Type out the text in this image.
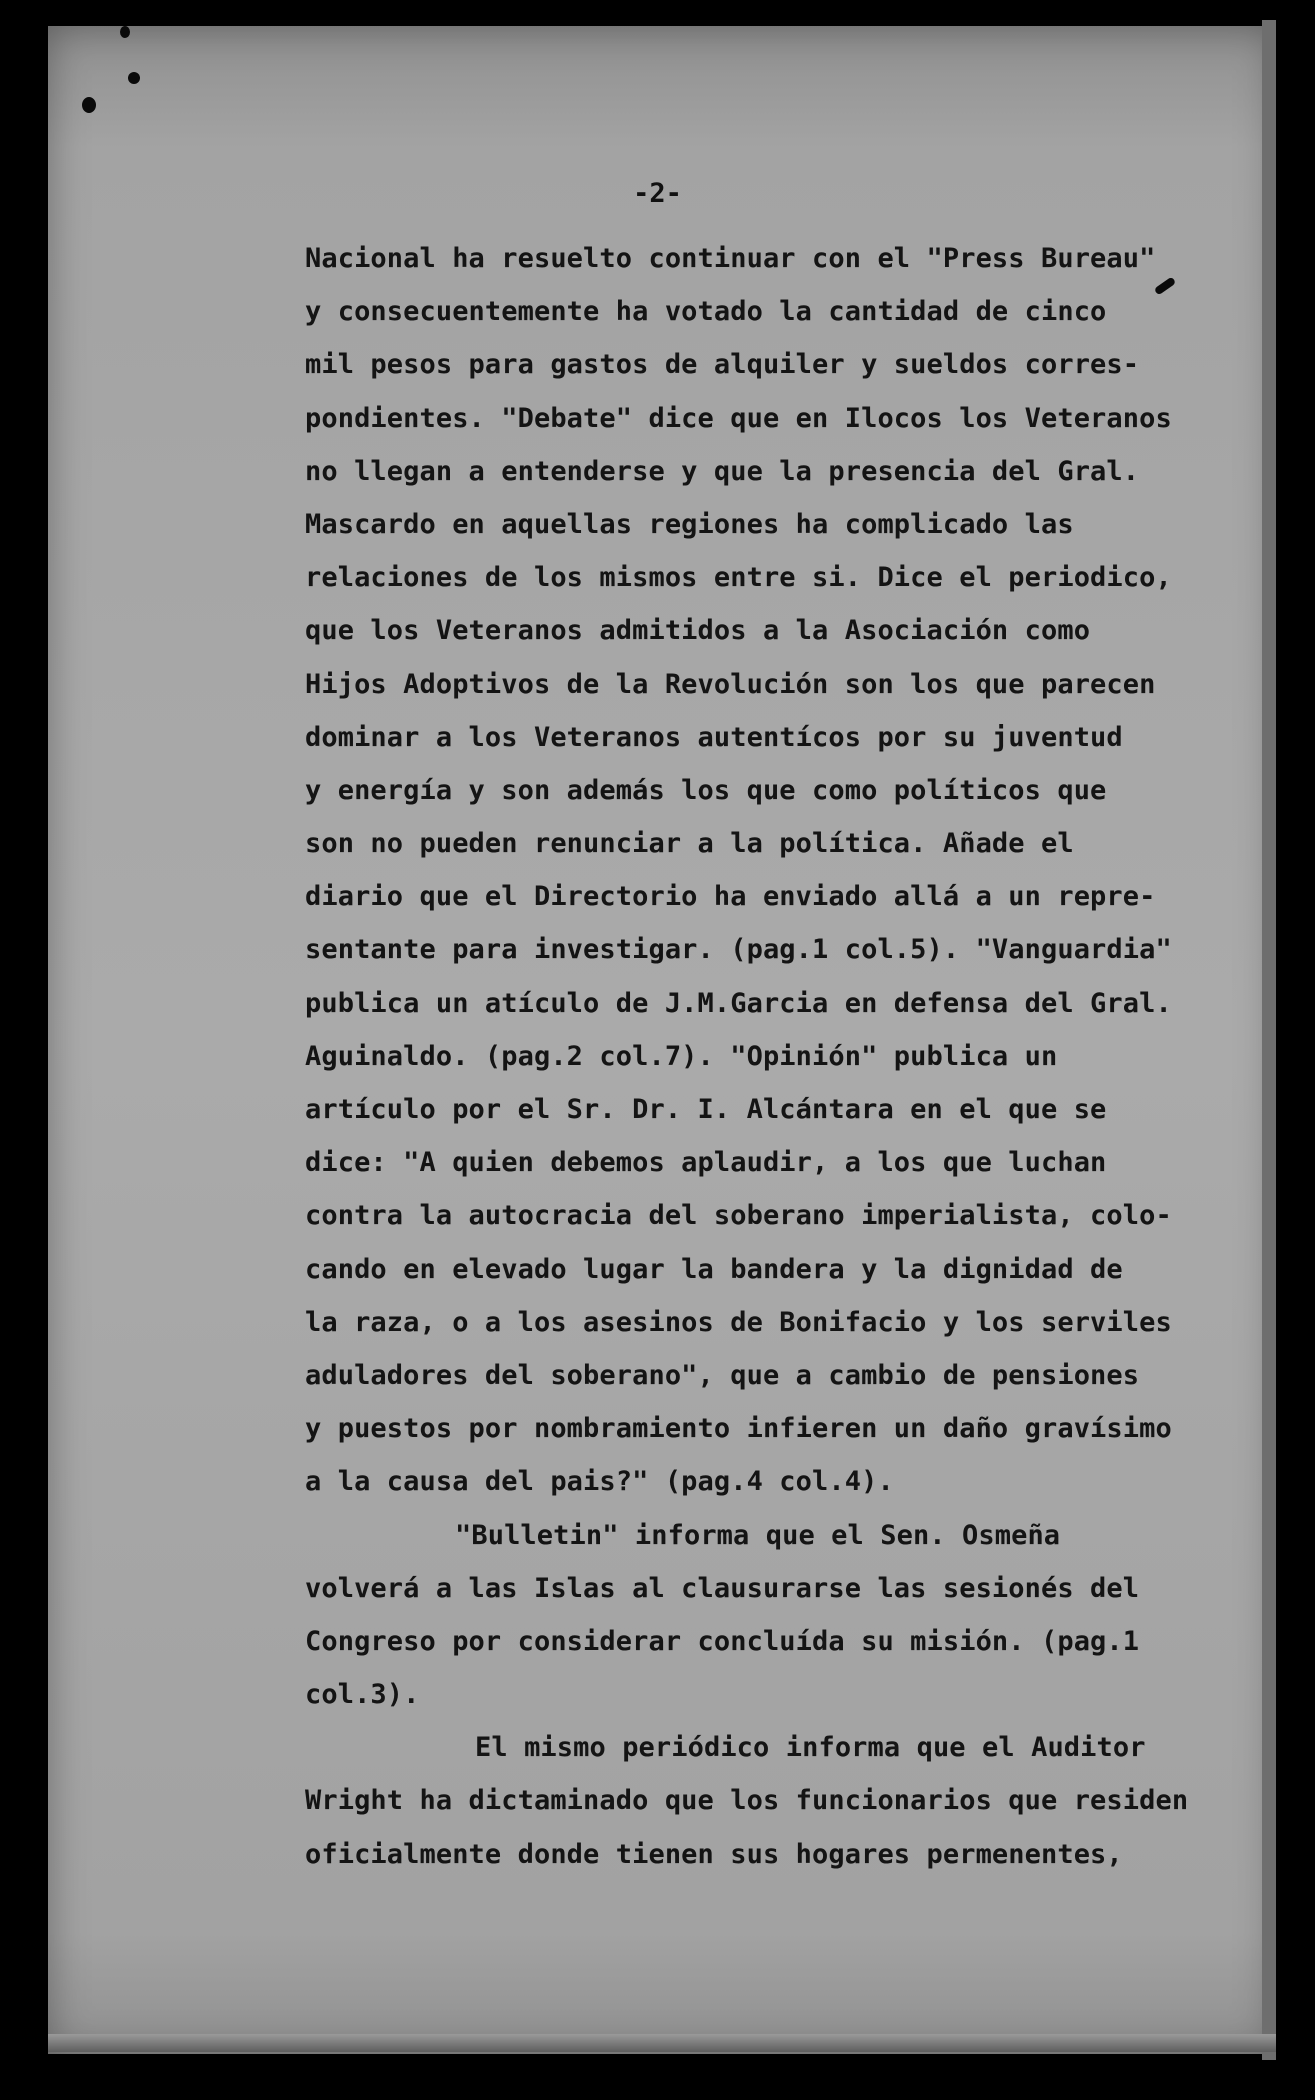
-2-
Nacional ha resuelto continuar con el "Press Bureau"
y consecuentemente ha votado la cantidad de cinco
mil pesos para gastos de alquiler y sueldos corres-
pondientes. "Debate" dice que en Ilocos los Veteranos
no llegan a entenderse y que la presencia del Gral.
Mascardo en aquellas regiones ha complicado las
relaciones de los mismos entre si. Dice el periodico,
que los Veteranos admitidos a la Asociación como
Hijos Adoptivos de la Revolución son los que parecen
dominar a los Veteranos autentícos por su juventud
y energía y son además los que como políticos que
son no pueden renunciar a la política. Añade el
diario que el Directorio ha enviado allá a un repre-
sentante para investigar. (pag.1 col.5). "Vanguardia"
publica un atículo de J.M.Garcia en defensa del Gral.
Aguinaldo. (pag.2 col.7). "Opinión" publica un
artículo por el Sr. Dr. I. Alcántara en el que se
dice: "A quien debemos aplaudir, a los que luchan
contra la autocracia del soberano imperialista, colo-
cando en elevado lugar la bandera y la dignidad de
la raza, o a los asesinos de Bonifacio y los serviles
aduladores del soberano", que a cambio de pensiones
y puestos por nombramiento infieren un daño gravísimo
a la causa del pais?" (pag.4 col.4).
"Bulletin" informa que el Sen. Osmeña
volverá a las Islas al clausurarse las sesionés del
Congreso por considerar concluída su misión. (pag.1
col.3).
El mismo periódico informa que el Auditor
Wright ha dictaminado que los funcionarios que residen
oficialmente donde tienen sus hogares permenentes,
